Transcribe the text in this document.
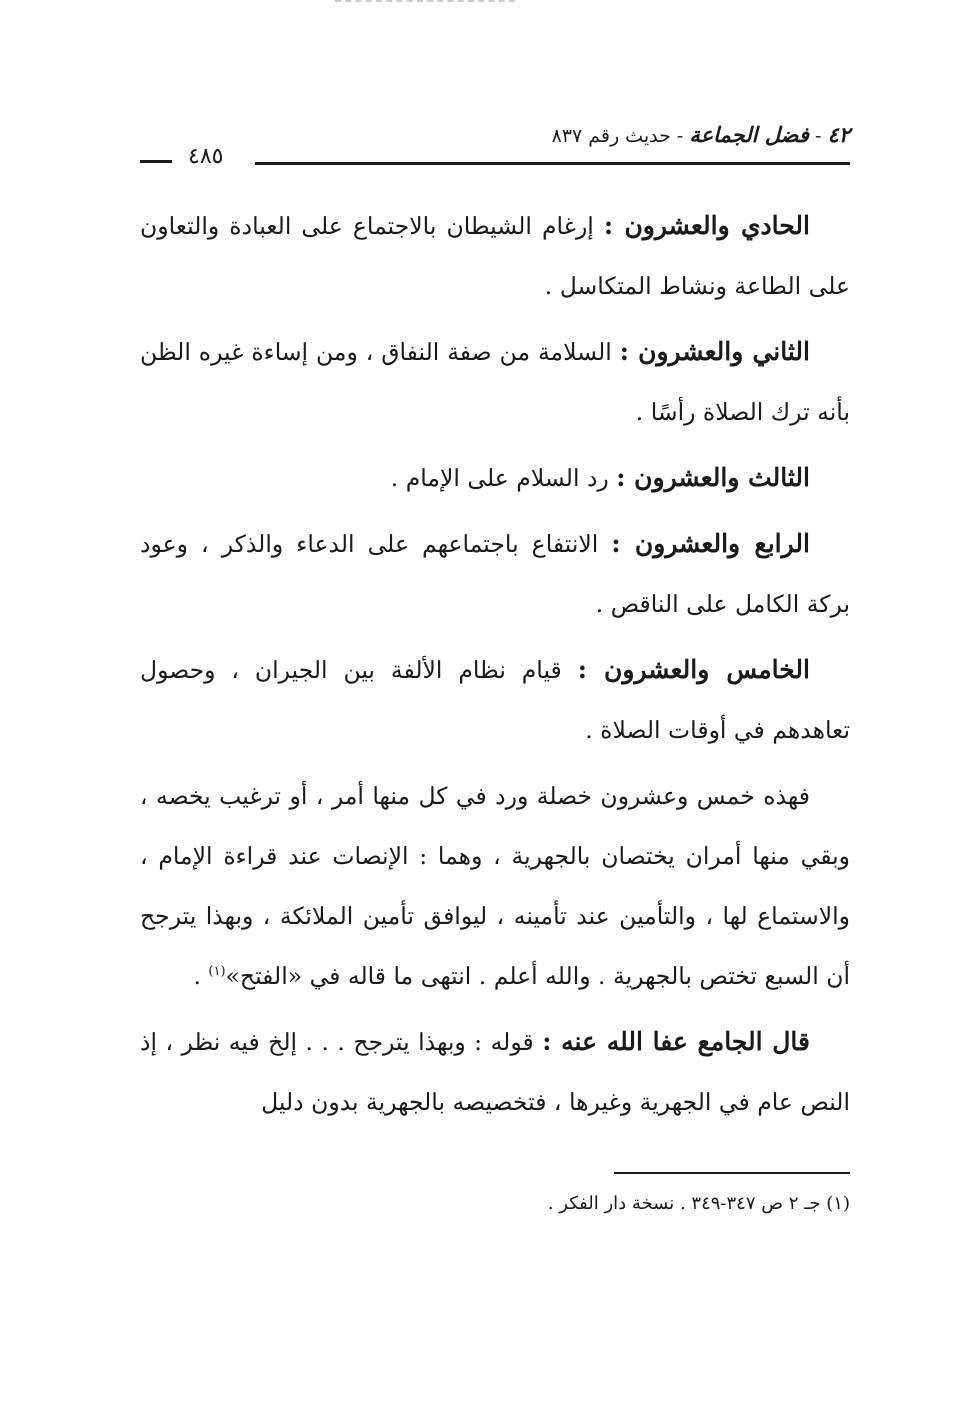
٤٢ - فضل الجماعة - حديث رقم ٨٣٧
٤٨٥

الحادي والعشرون : إرغام الشيطان بالاجتماع على العبادة والتعاون على الطاعة ونشاط المتكاسل .

الثاني والعشرون : السلامة من صفة النفاق ، ومن إساءة غيره الظن بأنه ترك الصلاة رأسًا .

الثالث والعشرون : رد السلام على الإمام .

الرابع والعشرون : الانتفاع باجتماعهم على الدعاء والذكر ، وعود بركة الكامل على الناقص .

الخامس والعشرون : قيام نظام الألفة بين الجيران ، وحصول تعاهدهم في أوقات الصلاة .

فهذه خمس وعشرون خصلة ورد في كل منها أمر ، أو ترغيب يخصه ، وبقي منها أمران يختصان بالجهرية ، وهما : الإنصات عند قراءة الإمام ، والاستماع لها ، والتأمين عند تأمينه ، ليوافق تأمين الملائكة ، وبهذا يترجح أن السبع تختص بالجهرية . والله أعلم . انتهى ما قاله في «الفتح»$^{(١)}$ .

قال الجامع عفا الله عنه : قوله : وبهذا يترجح . . . إلخ فيه نظر ، إذ النص عام في الجهرية وغيرها ، فتخصيصه بالجهرية بدون دليل

(١) جـ ٢ ص ٣٤٧-٣٤٩ . نسخة دار الفكر .
